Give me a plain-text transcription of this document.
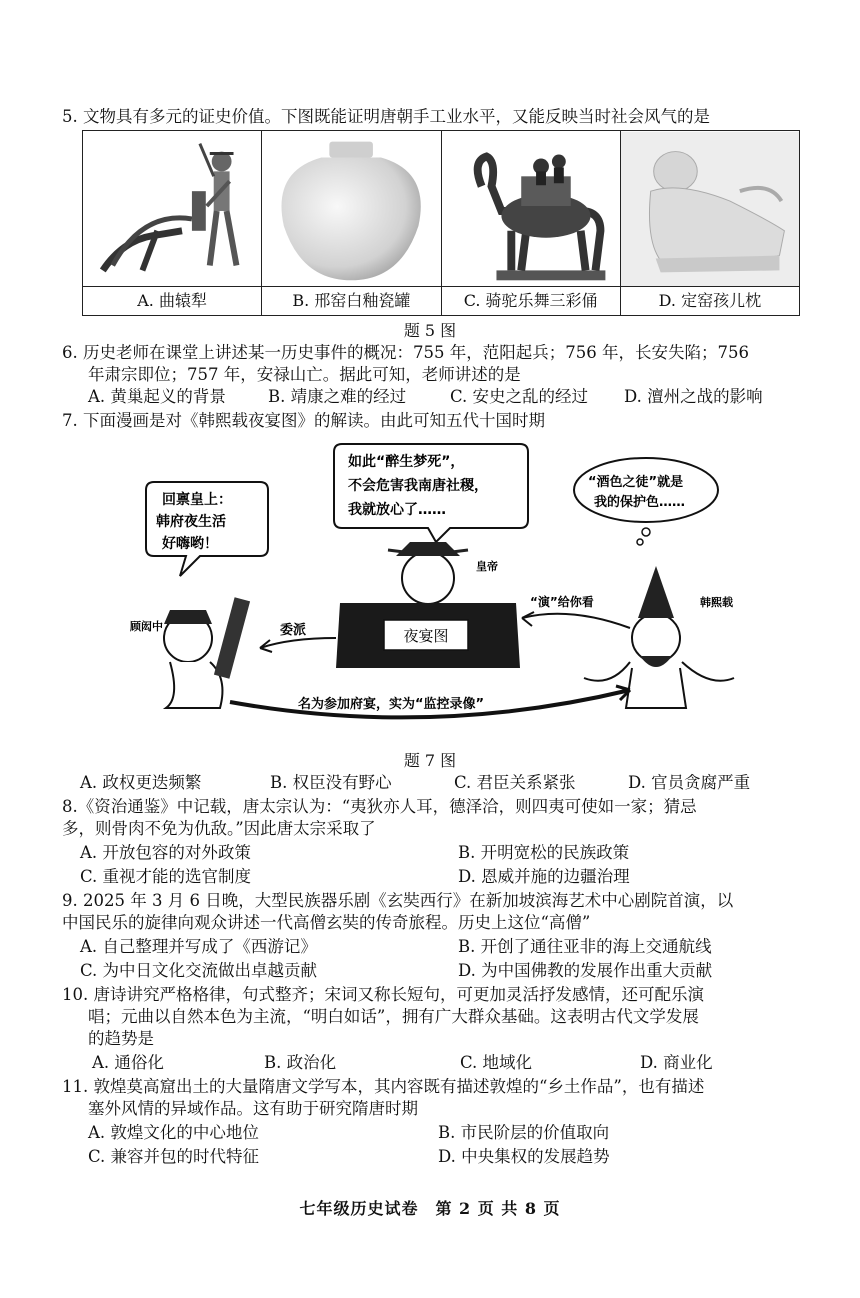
5. 文物具有多元的证史价值。下图既能证明唐朝手工业水平，又能反映当时社会风气的是
A. 曲辕犁	B. 邢窑白釉瓷罐	C. 骑驼乐舞三彩俑	D. 定窑孩儿枕
题 5 图
6. 历史老师在课堂上讲述某一历史事件的概况：755 年，范阳起兵；756 年，长安失陷；756
年肃宗即位；757 年，安禄山亡。据此可知，老师讲述的是
A. 黄巢起义的背景	B. 靖康之难的经过	C. 安史之乱的经过 D. 澶州之战的影响
7. 下面漫画是对《韩熙载夜宴图》的解读。由此可知五代十国时期
如此“醉生梦死”，
不会危害我南唐社稷，
我就放心了……
回禀皇上：
韩府夜生活
好嗨哟！
“酒色之徒”就是
我的保护色……
皇帝
夜宴图
顾闳中
韩熙载
委派
“演”给你看
名为参加府宴，实为“监控录像”
题 7 图
A. 政权更迭频繁	B. 权臣没有野心	C. 君臣关系紧张	D. 官员贪腐严重
8.《资治通鉴》中记载，唐太宗认为：“夷狄亦人耳，德泽洽，则四夷可使如一家；猜忌
多，则骨肉不免为仇敌。”因此唐太宗采取了
A. 开放包容的对外政策	B. 开明宽松的民族政策
C. 重视才能的选官制度	D. 恩威并施的边疆治理
9. 2025 年 3 月 6 日晚，大型民族器乐剧《玄奘西行》在新加坡滨海艺术中心剧院首演，以
中国民乐的旋律向观众讲述一代高僧玄奘的传奇旅程。历史上这位“高僧”
A. 自己整理并写成了《西游记》	B. 开创了通往亚非的海上交通航线
C. 为中日文化交流做出卓越贡献	D. 为中国佛教的发展作出重大贡献
10. 唐诗讲究严格格律，句式整齐；宋词又称长短句，可更加灵活抒发感情，还可配乐演
唱；元曲以自然本色为主流，“明白如话”，拥有广大群众基础。这表明古代文学发展
的趋势是
A. 通俗化	B. 政治化	C. 地域化	D. 商业化
11. 敦煌莫高窟出土的大量隋唐文学写本，其内容既有描述敦煌的“乡土作品”，也有描述
塞外风情的异域作品。这有助于研究隋唐时期
A. 敦煌文化的中心地位	B. 市民阶层的价值取向
C. 兼容并包的时代特征	D. 中央集权的发展趋势
七年级历史试卷　第 2 页 共 8 页
